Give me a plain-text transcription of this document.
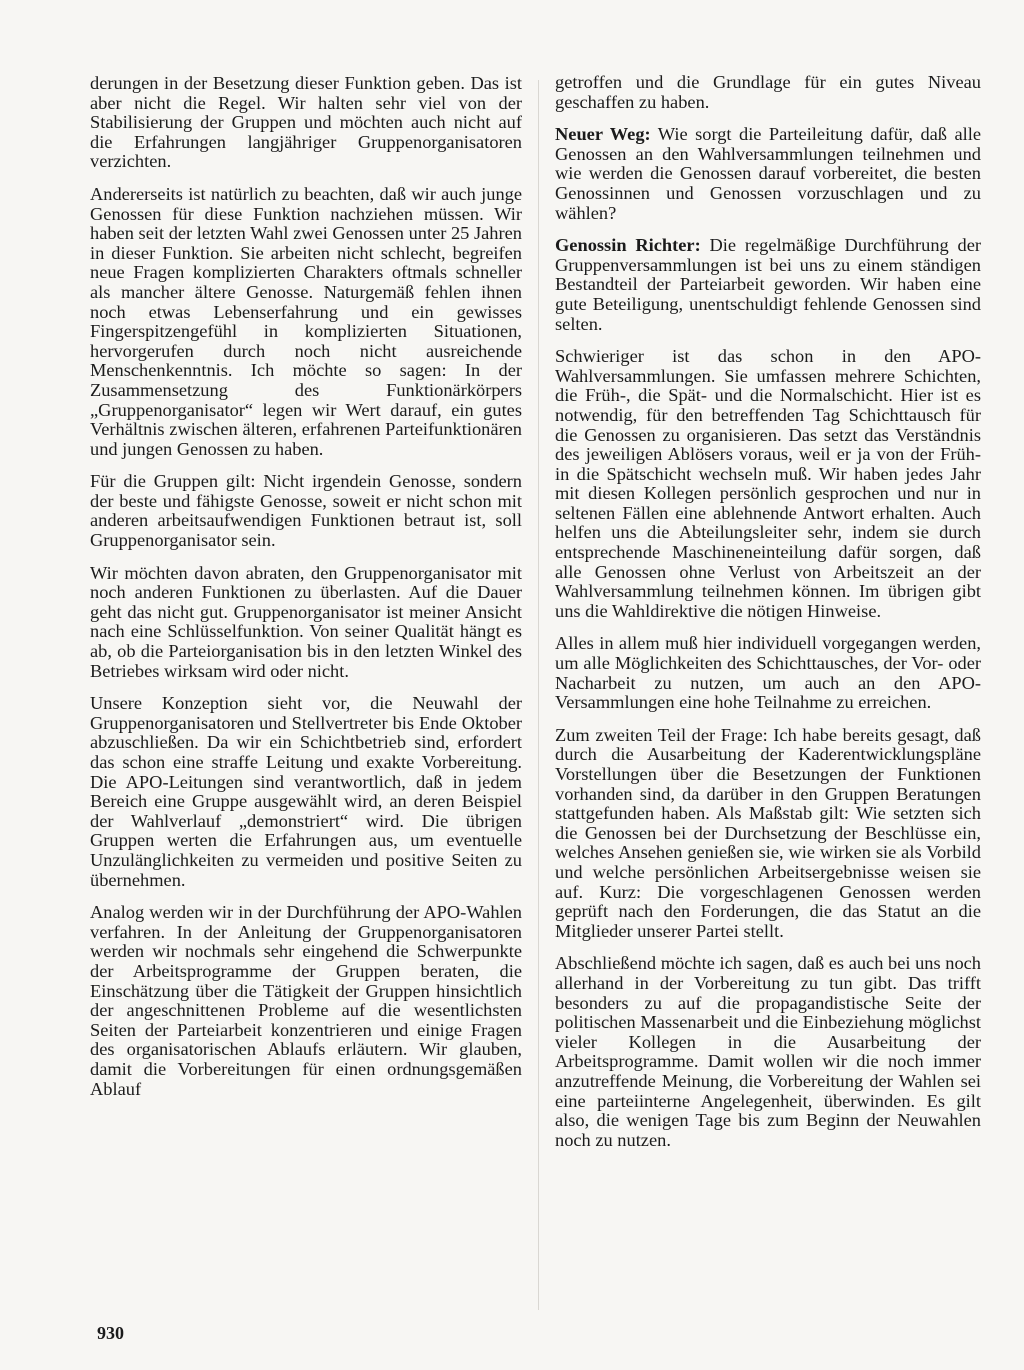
derungen in der Besetzung dieser Funktion geben. Das ist aber nicht die Regel. Wir halten sehr viel von der Stabilisierung der Gruppen und möchten auch nicht auf die Erfahrungen langjähriger Gruppenorganisatoren verzichten.

Andererseits ist natürlich zu beachten, daß wir auch junge Genossen für diese Funktion nachziehen müssen. Wir haben seit der letzten Wahl zwei Genossen unter 25 Jahren in dieser Funktion. Sie arbeiten nicht schlecht, begreifen neue Fragen komplizierten Charakters oftmals schneller als mancher ältere Genosse. Naturgemäß fehlen ihnen noch etwas Lebenserfahrung und ein gewisses Fingerspitzengefühl in komplizierten Situationen, hervorgerufen durch noch nicht ausreichende Menschenkenntnis. Ich möchte so sagen: In der Zusammensetzung des Funktionärkörpers „Gruppenorganisator“ legen wir Wert darauf, ein gutes Verhältnis zwischen älteren, erfahrenen Parteifunktionären und jungen Genossen zu haben.

Für die Gruppen gilt: Nicht irgendein Genosse, sondern der beste und fähigste Genosse, soweit er nicht schon mit anderen arbeitsaufwendigen Funktionen betraut ist, soll Gruppenorganisator sein.

Wir möchten davon abraten, den Gruppenorganisator mit noch anderen Funktionen zu überlasten. Auf die Dauer geht das nicht gut. Gruppenorganisator ist meiner Ansicht nach eine Schlüsselfunktion. Von seiner Qualität hängt es ab, ob die Parteiorganisation bis in den letzten Winkel des Betriebes wirksam wird oder nicht.

Unsere Konzeption sieht vor, die Neuwahl der Gruppenorganisatoren und Stellvertreter bis Ende Oktober abzuschließen. Da wir ein Schichtbetrieb sind, erfordert das schon eine straffe Leitung und exakte Vorbereitung. Die APO-Leitungen sind verantwortlich, daß in jedem Bereich eine Gruppe ausgewählt wird, an deren Beispiel der Wahlverlauf „demonstriert“ wird. Die übrigen Gruppen werten die Erfahrungen aus, um eventuelle Unzulänglichkeiten zu vermeiden und positive Seiten zu übernehmen.

Analog werden wir in der Durchführung der APO-Wahlen verfahren. In der Anleitung der Gruppenorganisatoren werden wir nochmals sehr eingehend die Schwerpunkte der Arbeitsprogramme der Gruppen beraten, die Einschätzung über die Tätigkeit der Gruppen hinsichtlich der angeschnittenen Probleme auf die wesentlichsten Seiten der Parteiarbeit konzentrieren und einige Fragen des organisatorischen Ablaufs erläutern. Wir glauben, damit die Vorbereitungen für einen ordnungsgemäßen Ablauf

getroffen und die Grundlage für ein gutes Niveau geschaffen zu haben.

Neuer Weg: Wie sorgt die Parteileitung dafür, daß alle Genossen an den Wahlversammlungen teilnehmen und wie werden die Genossen darauf vorbereitet, die besten Genossinnen und Genossen vorzuschlagen und zu wählen?

Genossin Richter: Die regelmäßige Durchführung der Gruppenversammlungen ist bei uns zu einem ständigen Bestandteil der Parteiarbeit geworden. Wir haben eine gute Beteiligung, unentschuldigt fehlende Genossen sind selten.

Schwieriger ist das schon in den APO-Wahlversammlungen. Sie umfassen mehrere Schichten, die Früh-, die Spät- und die Normalschicht. Hier ist es notwendig, für den betreffenden Tag Schichttausch für die Genossen zu organisieren. Das setzt das Verständnis des jeweiligen Ablösers voraus, weil er ja von der Früh- in die Spätschicht wechseln muß. Wir haben jedes Jahr mit diesen Kollegen persönlich gesprochen und nur in seltenen Fällen eine ablehnende Antwort erhalten. Auch helfen uns die Abteilungsleiter sehr, indem sie durch entsprechende Maschineneinteilung dafür sorgen, daß alle Genossen ohne Verlust von Arbeitszeit an der Wahlversammlung teilnehmen können. Im übrigen gibt uns die Wahldirektive die nötigen Hinweise.

Alles in allem muß hier individuell vorgegangen werden, um alle Möglichkeiten des Schichttausches, der Vor- oder Nacharbeit zu nutzen, um auch an den APO-Versammlungen eine hohe Teilnahme zu erreichen.

Zum zweiten Teil der Frage: Ich habe bereits gesagt, daß durch die Ausarbeitung der Kaderentwicklungspläne Vorstellungen über die Besetzungen der Funktionen vorhanden sind, da darüber in den Gruppen Beratungen stattgefunden haben. Als Maßstab gilt: Wie setzten sich die Genossen bei der Durchsetzung der Beschlüsse ein, welches Ansehen genießen sie, wie wirken sie als Vorbild und welche persönlichen Arbeitsergebnisse weisen sie auf. Kurz: Die vorgeschlagenen Genossen werden geprüft nach den Forderungen, die das Statut an die Mitglieder unserer Partei stellt.

Abschließend möchte ich sagen, daß es auch bei uns noch allerhand in der Vorbereitung zu tun gibt. Das trifft besonders zu auf die propagandistische Seite der politischen Massenarbeit und die Einbeziehung möglichst vieler Kollegen in die Ausarbeitung der Arbeitsprogramme. Damit wollen wir die noch immer anzutreffende Meinung, die Vorbereitung der Wahlen sei eine parteiinterne Angelegenheit, überwinden. Es gilt also, die wenigen Tage bis zum Beginn der Neuwahlen noch zu nutzen.

930
